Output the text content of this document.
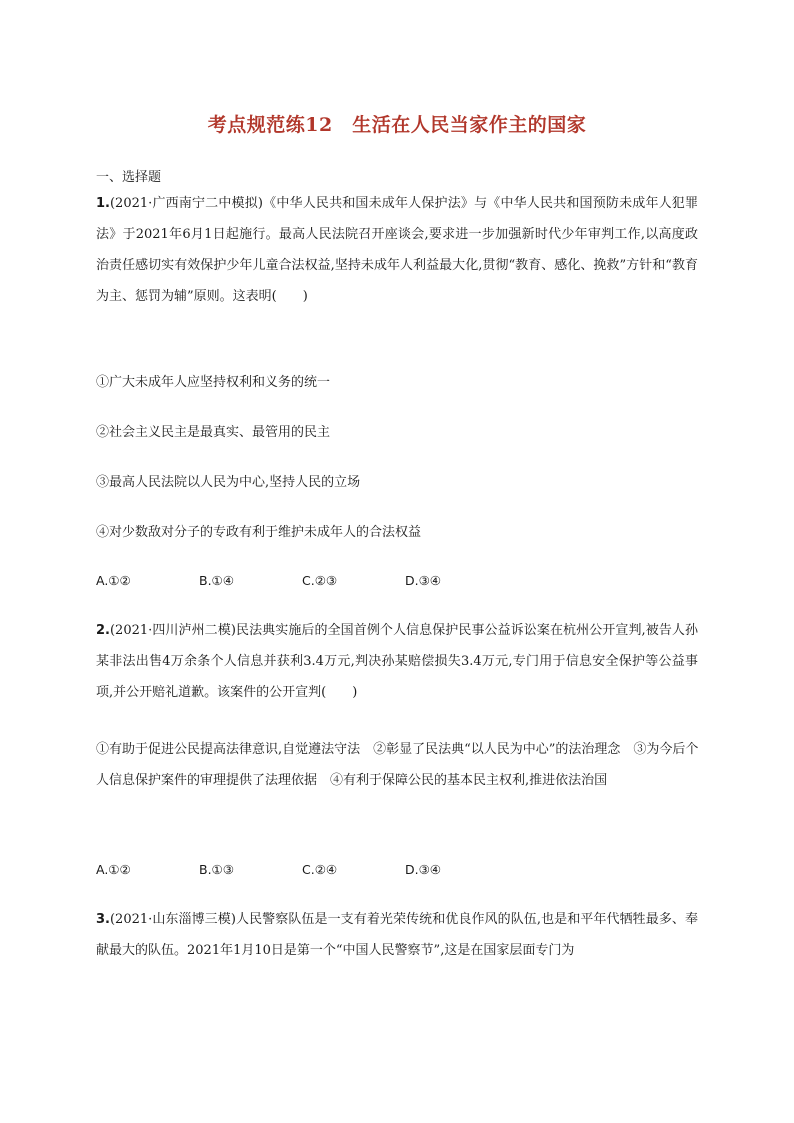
考点规范练12　生活在人民当家作主的国家
一、选择题
1.(2021·广西南宁二中模拟)《中华人民共和国未成年人保护法》与《中华人民共和国预防未成年人犯罪法》于2021年6月1日起施行。最高人民法院召开座谈会,要求进一步加强新时代少年审判工作,以高度政治责任感切实有效保护少年儿童合法权益,坚持未成年人利益最大化,贯彻“教育、感化、挽救”方针和“教育为主、惩罚为辅”原则。这表明(　　)
①广大未成年人应坚持权利和义务的统一
②社会主义民主是最真实、最管用的民主
③最高人民法院以人民为中心,坚持人民的立场
④对少数敌对分子的专政有利于维护未成年人的合法权益
A.①②	B.①④	C.②③	D.③④
2.(2021·四川泸州二模)民法典实施后的全国首例个人信息保护民事公益诉讼案在杭州公开宣判,被告人孙某非法出售4万余条个人信息并获利3.4万元,判决孙某赔偿损失3.4万元,专门用于信息安全保护等公益事项,并公开赔礼道歉。该案件的公开宣判(　　)
①有助于促进公民提高法律意识,自觉遵法守法　②彰显了民法典“以人民为中心”的法治理念　③为今后个人信息保护案件的审理提供了法理依据　④有利于保障公民的基本民主权利,推进依法治国
A.①②	B.①③	C.②④	D.③④
3.(2021·山东淄博三模)人民警察队伍是一支有着光荣传统和优良作风的队伍,也是和平年代牺牲最多、奉献最大的队伍。2021年1月10日是第一个“中国人民警察节”,这是在国家层面专门为
